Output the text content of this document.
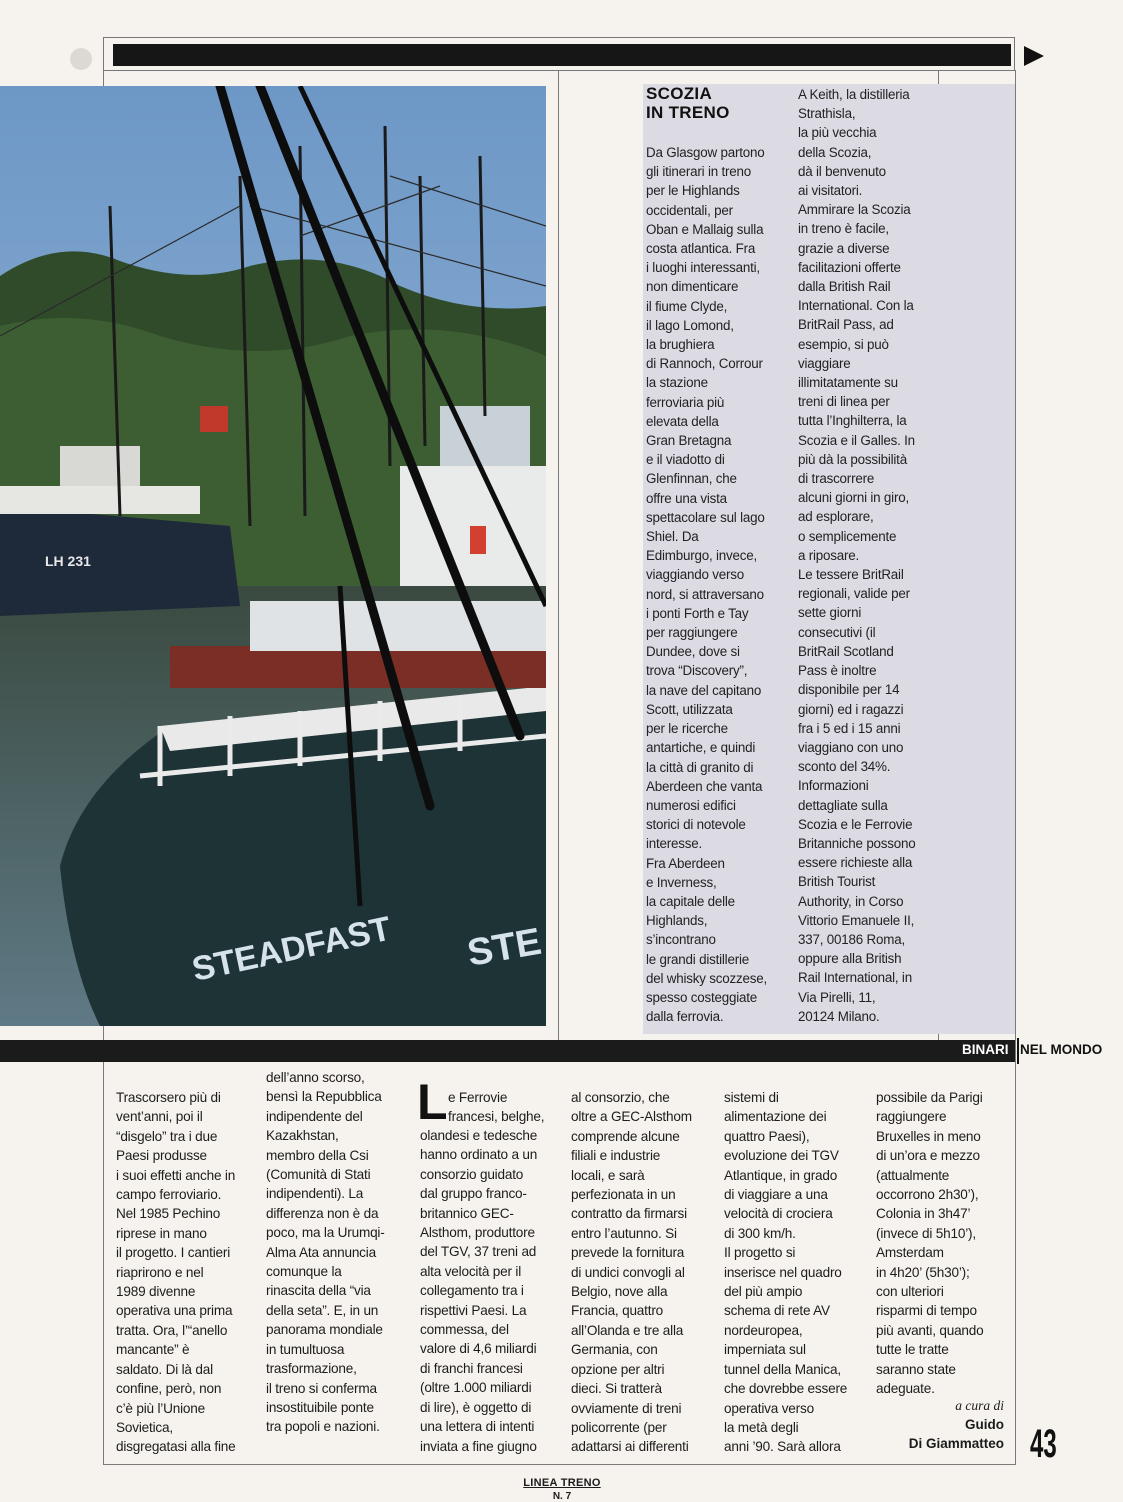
STEADFAST STE
LH 231
SCOZIA
IN TRENO
Da Glasgow partono
gli itinerari in treno
per le Highlands
occidentali, per
Oban e Mallaig sulla
costa atlantica. Fra
i luoghi interessanti,
non dimenticare
il fiume Clyde,
il lago Lomond,
la brughiera
di Rannoch, Corrour
la stazione
ferroviaria più
elevata della
Gran Bretagna
e il viadotto di
Glenfinnan, che
offre una vista
spettacolare sul lago
Shiel. Da
Edimburgo, invece,
viaggiando verso
nord, si attraversano
i ponti Forth e Tay
per raggiungere
Dundee, dove si
trova “Discovery”,
la nave del capitano
Scott, utilizzata
per le ricerche
antartiche, e quindi
la città di granito di
Aberdeen che vanta
numerosi edifici
storici di notevole
interesse.
Fra Aberdeen
e Inverness,
la capitale delle
Highlands,
s’incontrano
le grandi distillerie
del whisky scozzese,
spesso costeggiate
dalla ferrovia.
A Keith, la distilleria
Strathisla,
la più vecchia
della Scozia,
dà il benvenuto
ai visitatori.
Ammirare la Scozia
in treno è facile,
grazie a diverse
facilitazioni offerte
dalla British Rail
International. Con la
BritRail Pass, ad
esempio, si può
viaggiare
illimitatamente su
treni di linea per
tutta l’Inghilterra, la
Scozia e il Galles. In
più dà la possibilità
di trascorrere
alcuni giorni in giro,
ad esplorare,
o semplicemente
a riposare.
Le tessere BritRail
regionali, valide per
sette giorni
consecutivi (il
BritRail Scotland
Pass è inoltre
disponibile per 14
giorni) ed i ragazzi
fra i 5 ed i 15 anni
viaggiano con uno
sconto del 34%.
Informazioni
dettagliate sulla
Scozia e le Ferrovie
Britanniche possono
essere richieste alla
British Tourist
Authority, in Corso
Vittorio Emanuele II,
337, 00186 Roma,
oppure alla British
Rail International, in
Via Pirelli, 11,
20124 Milano.
BINARI NEL MONDO
Trascorsero più di
vent’anni, poi il
“disgelo” tra i due
Paesi produsse
i suoi effetti anche in
campo ferroviario.
Nel 1985 Pechino
riprese in mano
il progetto. I cantieri
riaprirono e nel
1989 divenne
operativa una prima
tratta. Ora, l’“anello
mancante” è
saldato. Di là dal
confine, però, non
c’è più l’Unione
Sovietica,
disgregatasi alla fine
dell’anno scorso,
bensì la Repubblica
indipendente del
Kazakhstan,
membro della Csi
(Comunità di Stati
indipendenti). La
differenza non è da
poco, ma la Urumqi-
Alma Ata annuncia
comunque la
rinascita della “via
della seta”. E, in un
panorama mondiale
in tumultuosa
trasformazione,
il treno si conferma
insostituibile ponte
tra popoli e nazioni.
L e Ferrovie
francesi, belghe,
olandesi e tedesche
hanno ordinato a un
consorzio guidato
dal gruppo franco-
britannico GEC-
Alsthom, produttore
del TGV, 37 treni ad
alta velocità per il
collegamento tra i
rispettivi Paesi. La
commessa, del
valore di 4,6 miliardi
di franchi francesi
(oltre 1.000 miliardi
di lire), è oggetto di
una lettera di intenti
inviata a fine giugno
al consorzio, che
oltre a GEC-Alsthom
comprende alcune
filiali e industrie
locali, e sarà
perfezionata in un
contratto da firmarsi
entro l’autunno. Si
prevede la fornitura
di undici convogli al
Belgio, nove alla
Francia, quattro
all’Olanda e tre alla
Germania, con
opzione per altri
dieci. Si tratterà
ovviamente di treni
policorrente (per
adattarsi ai differenti
sistemi di
alimentazione dei
quattro Paesi),
evoluzione dei TGV
Atlantique, in grado
di viaggiare a una
velocità di crociera
di 300 km/h.
Il progetto si
inserisce nel quadro
del più ampio
schema di rete AV
nordeuropea,
imperniata sul
tunnel della Manica,
che dovrebbe essere
operativa verso
la metà degli
anni ’90. Sarà allora
possibile da Parigi
raggiungere
Bruxelles in meno
di un’ora e mezzo
(attualmente
occorrono 2h30’),
Colonia in 3h47’
(invece di 5h10’),
Amsterdam
in 4h20’ (5h30’);
con ulteriori
risparmi di tempo
più avanti, quando
tutte le tratte
saranno state
adeguate.
a cura di
Guido
Di Giammatteo 43
LINEA TRENO
N. 7
